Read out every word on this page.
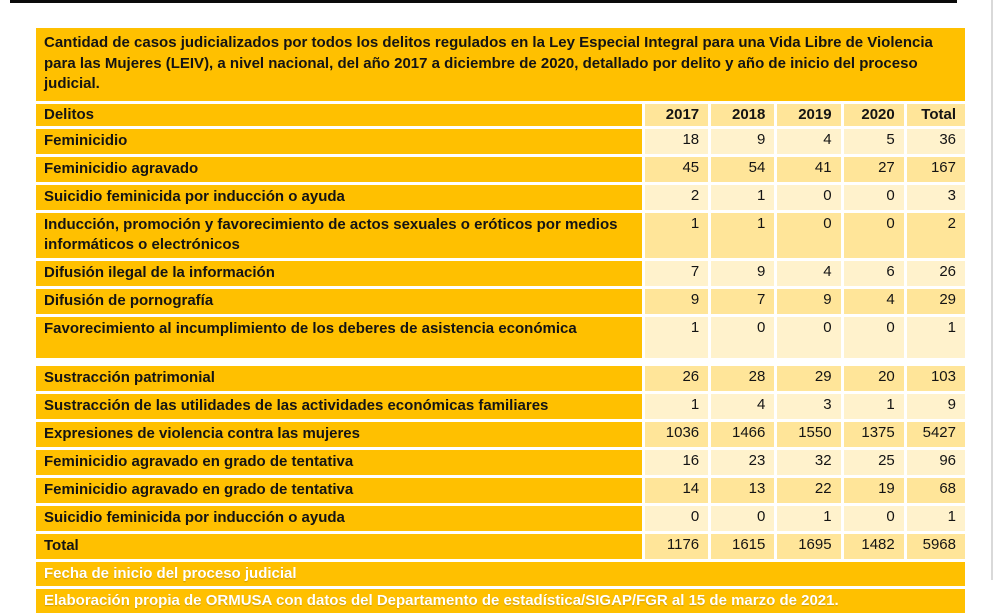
Cantidad de casos judicializados por todos los delitos regulados en la Ley Especial Integral para una Vida Libre de Violencia para las Mujeres (LEIV), a nivel nacional, del año 2017 a diciembre de 2020, detallado por delito y año de inicio del proceso judicial.					
Delitos	2017	2018	2019	2020	Total
Feminicidio	18	9	4	5	36
Feminicidio agravado	45	54	41	27	167
Suicidio feminicida por inducción o ayuda	2	1	0	0	3
Inducción, promoción y favorecimiento de actos sexuales o eróticos por medios informáticos o electrónicos	1	1	0	0	2
Difusión ilegal de la información	7	9	4	6	26
Difusión de pornografía	9	7	9	4	29
Favorecimiento al incumplimiento de los deberes de asistencia económica	1	0	0	0	1

Sustracción patrimonial	26	28	29	20	103
Sustracción de las utilidades de las actividades económicas familiares	1	4	3	1	9
Expresiones de violencia contra las mujeres	1036	1466	1550	1375	5427
Feminicidio agravado en grado de tentativa	16	23	32	25	96
Feminicidio agravado en grado de tentativa	14	13	22	19	68
Suicidio feminicida por inducción o ayuda	0	0	1	0	1
Total	1176	1615	1695	1482	5968
Fecha de inicio del proceso judicial					
Elaboración propia de ORMUSA con datos del Departamento de estadística/SIGAP/FGR al 15 de marzo de 2021.					
